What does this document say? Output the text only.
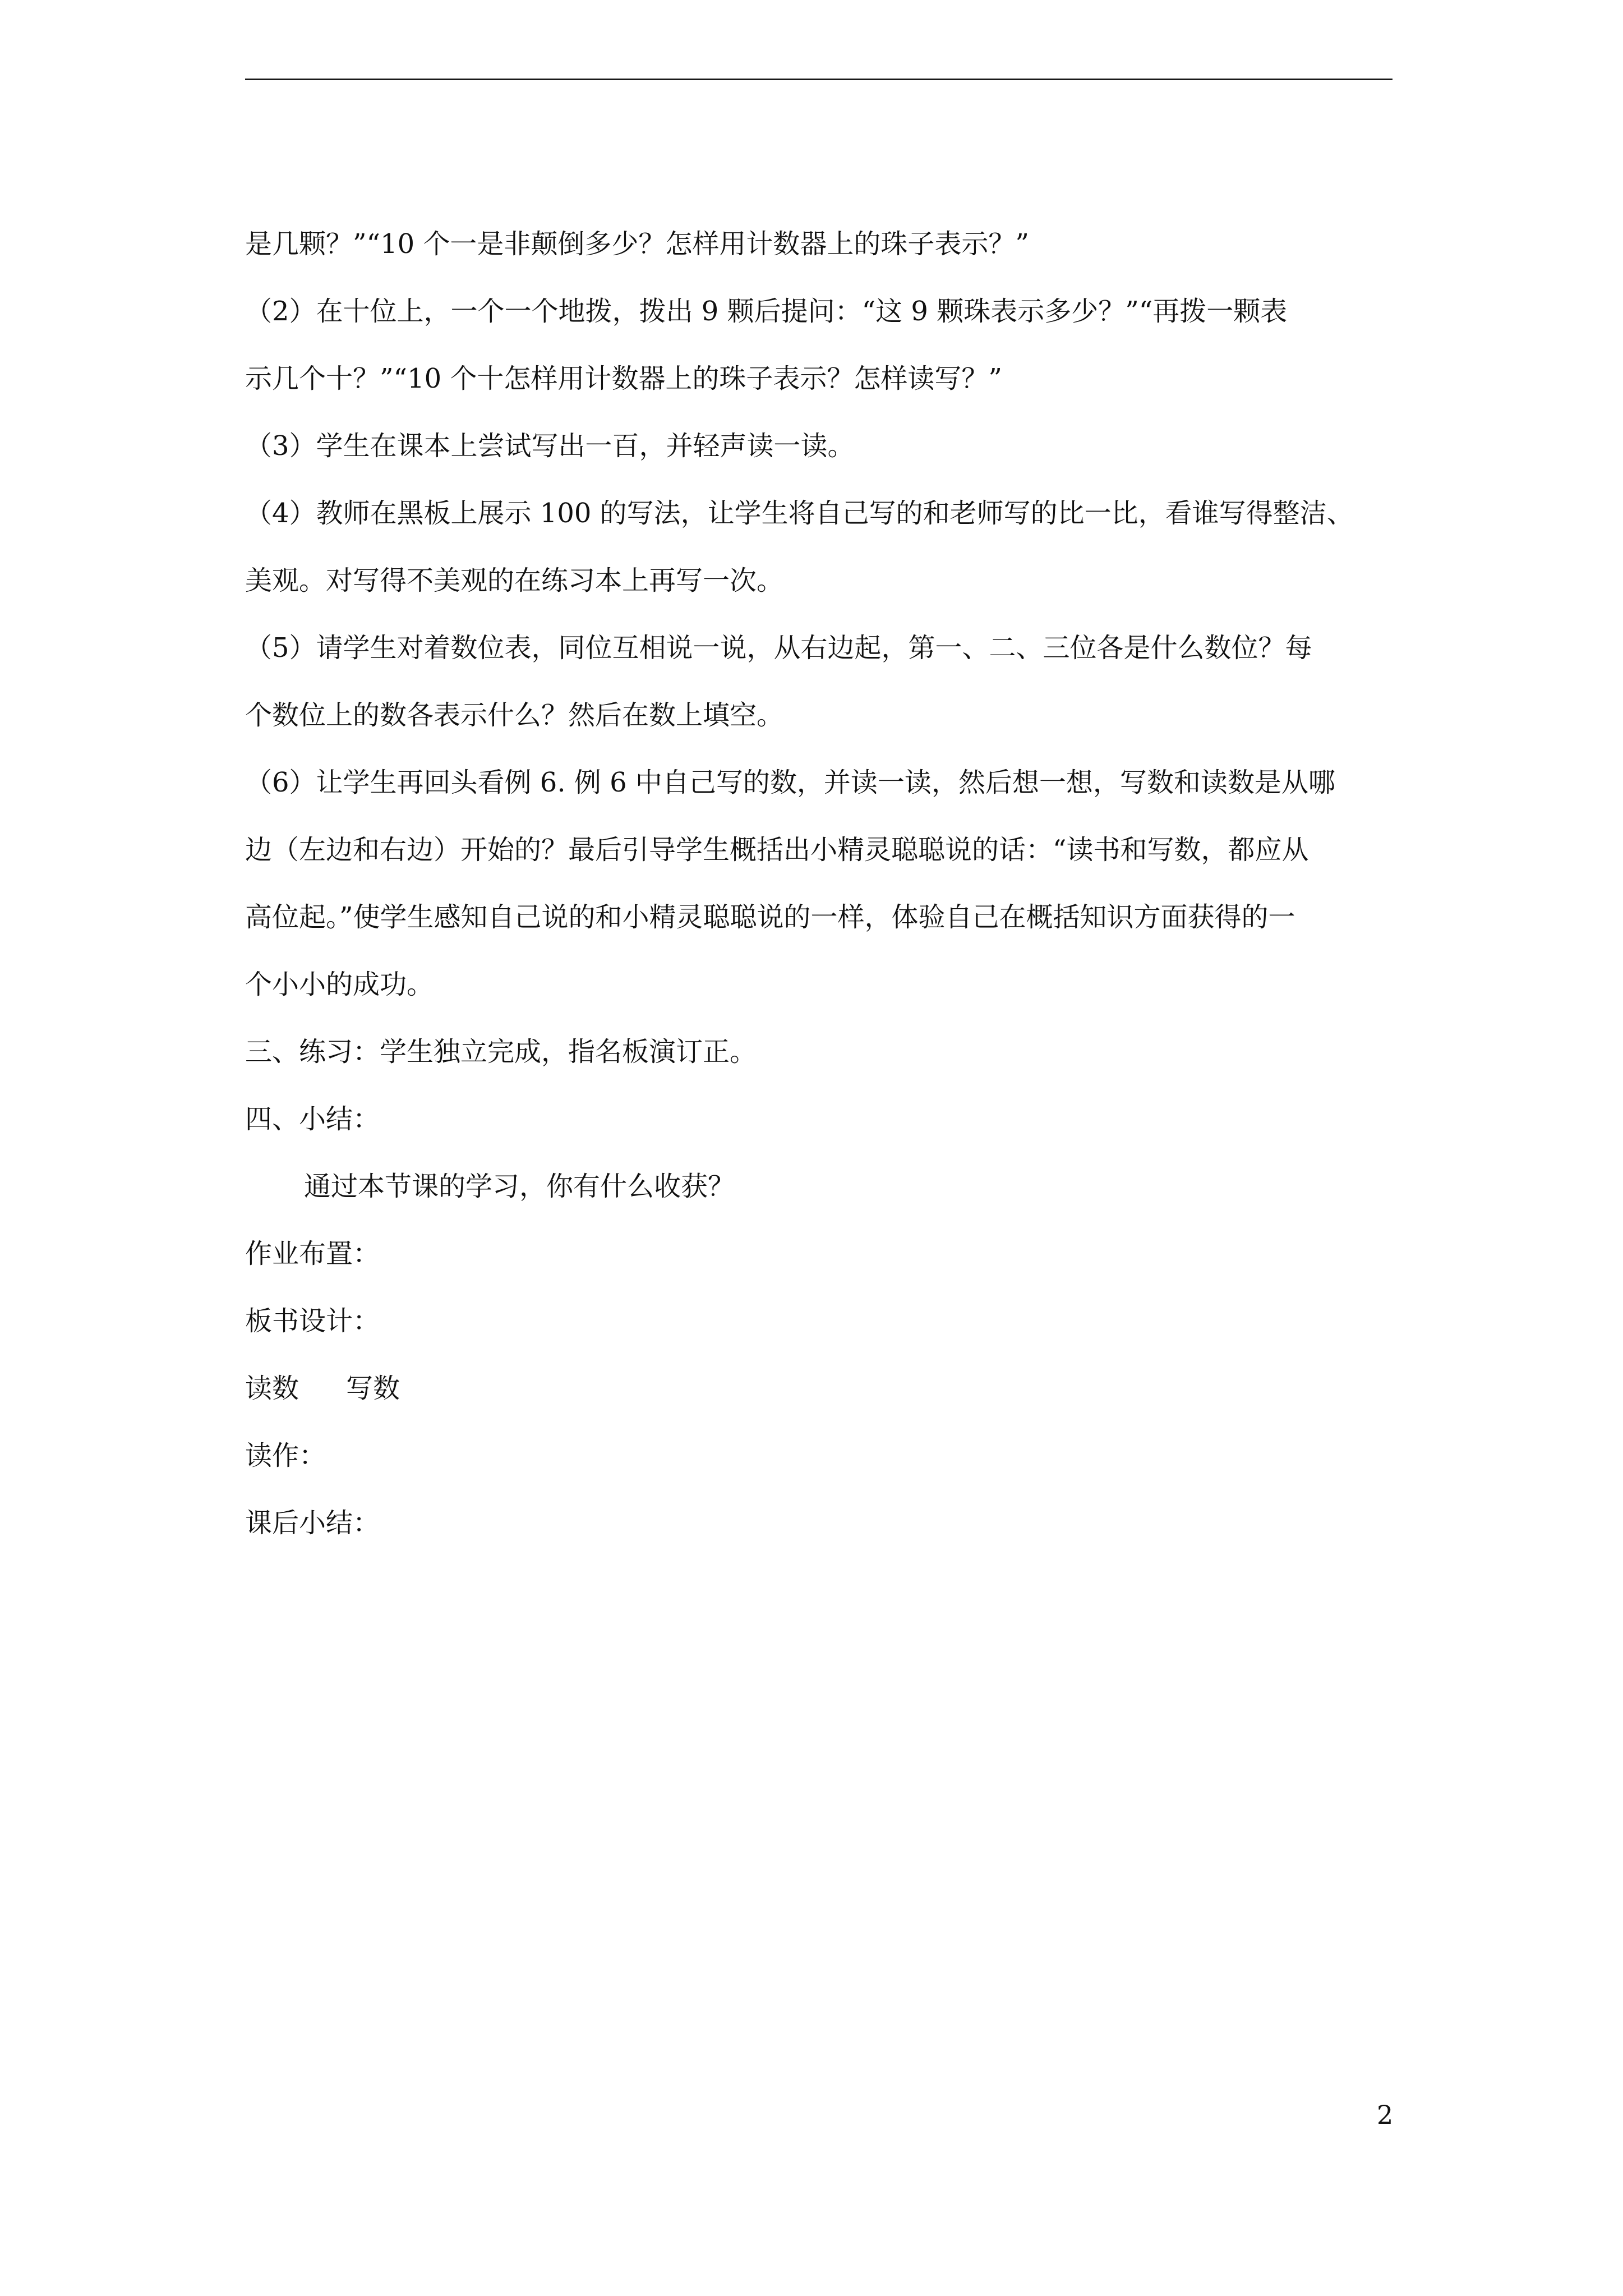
是几颗？”“10 个一是非颠倒多少？怎样用计数器上的珠子表示？”
（2）在十位上，一个一个地拨，拨出 9 颗后提问：“这 9 颗珠表示多少？”“再拨一颗表
示几个十？”“10 个十怎样用计数器上的珠子表示？怎样读写？”
（3）学生在课本上尝试写出一百，并轻声读一读。
（4）教师在黑板上展示 100 的写法，让学生将自己写的和老师写的比一比，看谁写得整洁、
美观。对写得不美观的在练习本上再写一次。
（5）请学生对着数位表，同位互相说一说，从右边起，第一、二、三位各是什么数位？每
个数位上的数各表示什么？然后在数上填空。
（6）让学生再回头看例 6. 例 6 中自己写的数，并读一读，然后想一想，写数和读数是从哪
边（左边和右边）开始的？最后引导学生概括出小精灵聪聪说的话：“读书和写数，都应从
高位起。”使学生感知自己说的和小精灵聪聪说的一样，体验自己在概括知识方面获得的一
个小小的成功。
三、练习：学生独立完成，指名板演订正。
四、小结：
通过本节课的学习，你有什么收获？
作业布置：
板书设计：
读数 写数
读作：
课后小结：
2
